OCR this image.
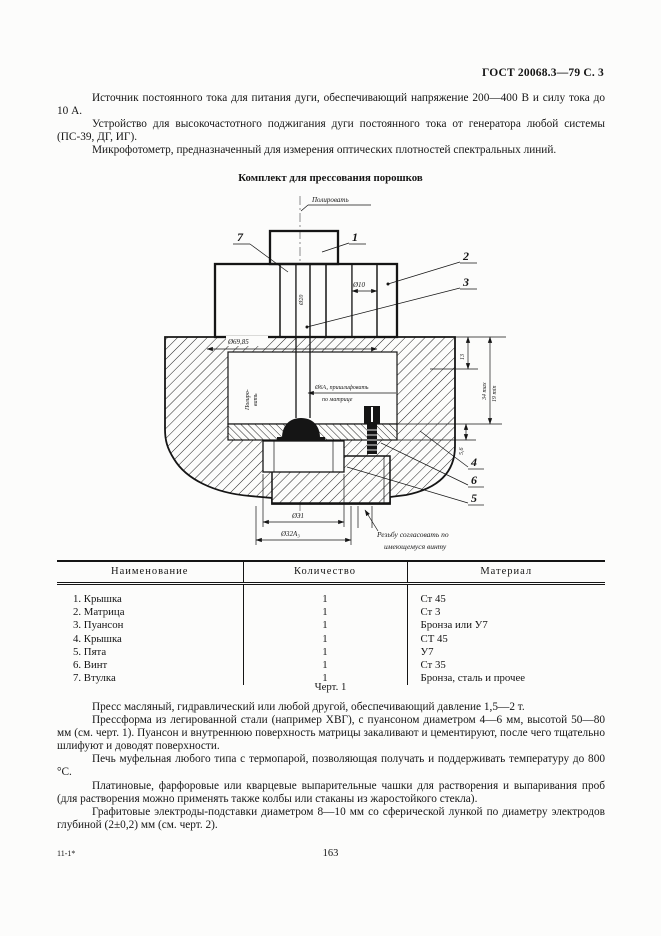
ГОСТ 20068.3—79 С. 3

Источник постоянного тока для питания дуги, обеспечивающий напряжение 200—400 В и силу тока до 10 А.

Устройство для высокочастотного поджигания дуги постоянного тока от генератора любой системы (ПС-39, ДГ, ИГ).

Микрофотометр, предназначенный для измерения оптических плотностей спектральных линий.

Комплект для прессования порошков
Полировать
Полиро- вать
Ø6А₃ пришлифовать
по матрице
Ø20
Ø10
Ø69,85
13
34 max 19 min
5,6
Ø31
Ø32А₃	Резьбу согласовать по
имеющемуся винту
7	1
2
3
4
6
5
Наименование	Количество	Материал

1. Крышка	1	Ст 45
2. Матрица	1	Ст 3
3. Пуансон	1	Бронза или У7
4. Крышка	1	СТ 45
5. Пята	1	У7
6. Винт	1	Ст 35
7. Втулка	1	Бронза, сталь и прочее
Черт. 1

Пресс масляный, гидравлический или любой другой, обеспечивающий давление 1,5—2 т.

Прессформа из легированной стали (например ХВГ), с пуансоном диаметром 4—6 мм, высотой 50—80 мм (см. черт. 1). Пуансон и внутреннюю поверхность матрицы закаливают и цементируют, после чего тщательно шлифуют и доводят поверхности.

Печь муфельная любого типа с термопарой, позволяющая получать и поддерживать температуру до 800 °С.

Платиновые, фарфоровые или кварцевые выпарительные чашки для растворения и выпаривания проб (для растворения можно применять также колбы или стаканы из жаростойкого стекла).

Графитовые электроды-подставки диаметром 8—10 мм со сферической лункой по диаметру электродов глубиной (2±0,2) мм (см. черт. 2).

11-1*	163
